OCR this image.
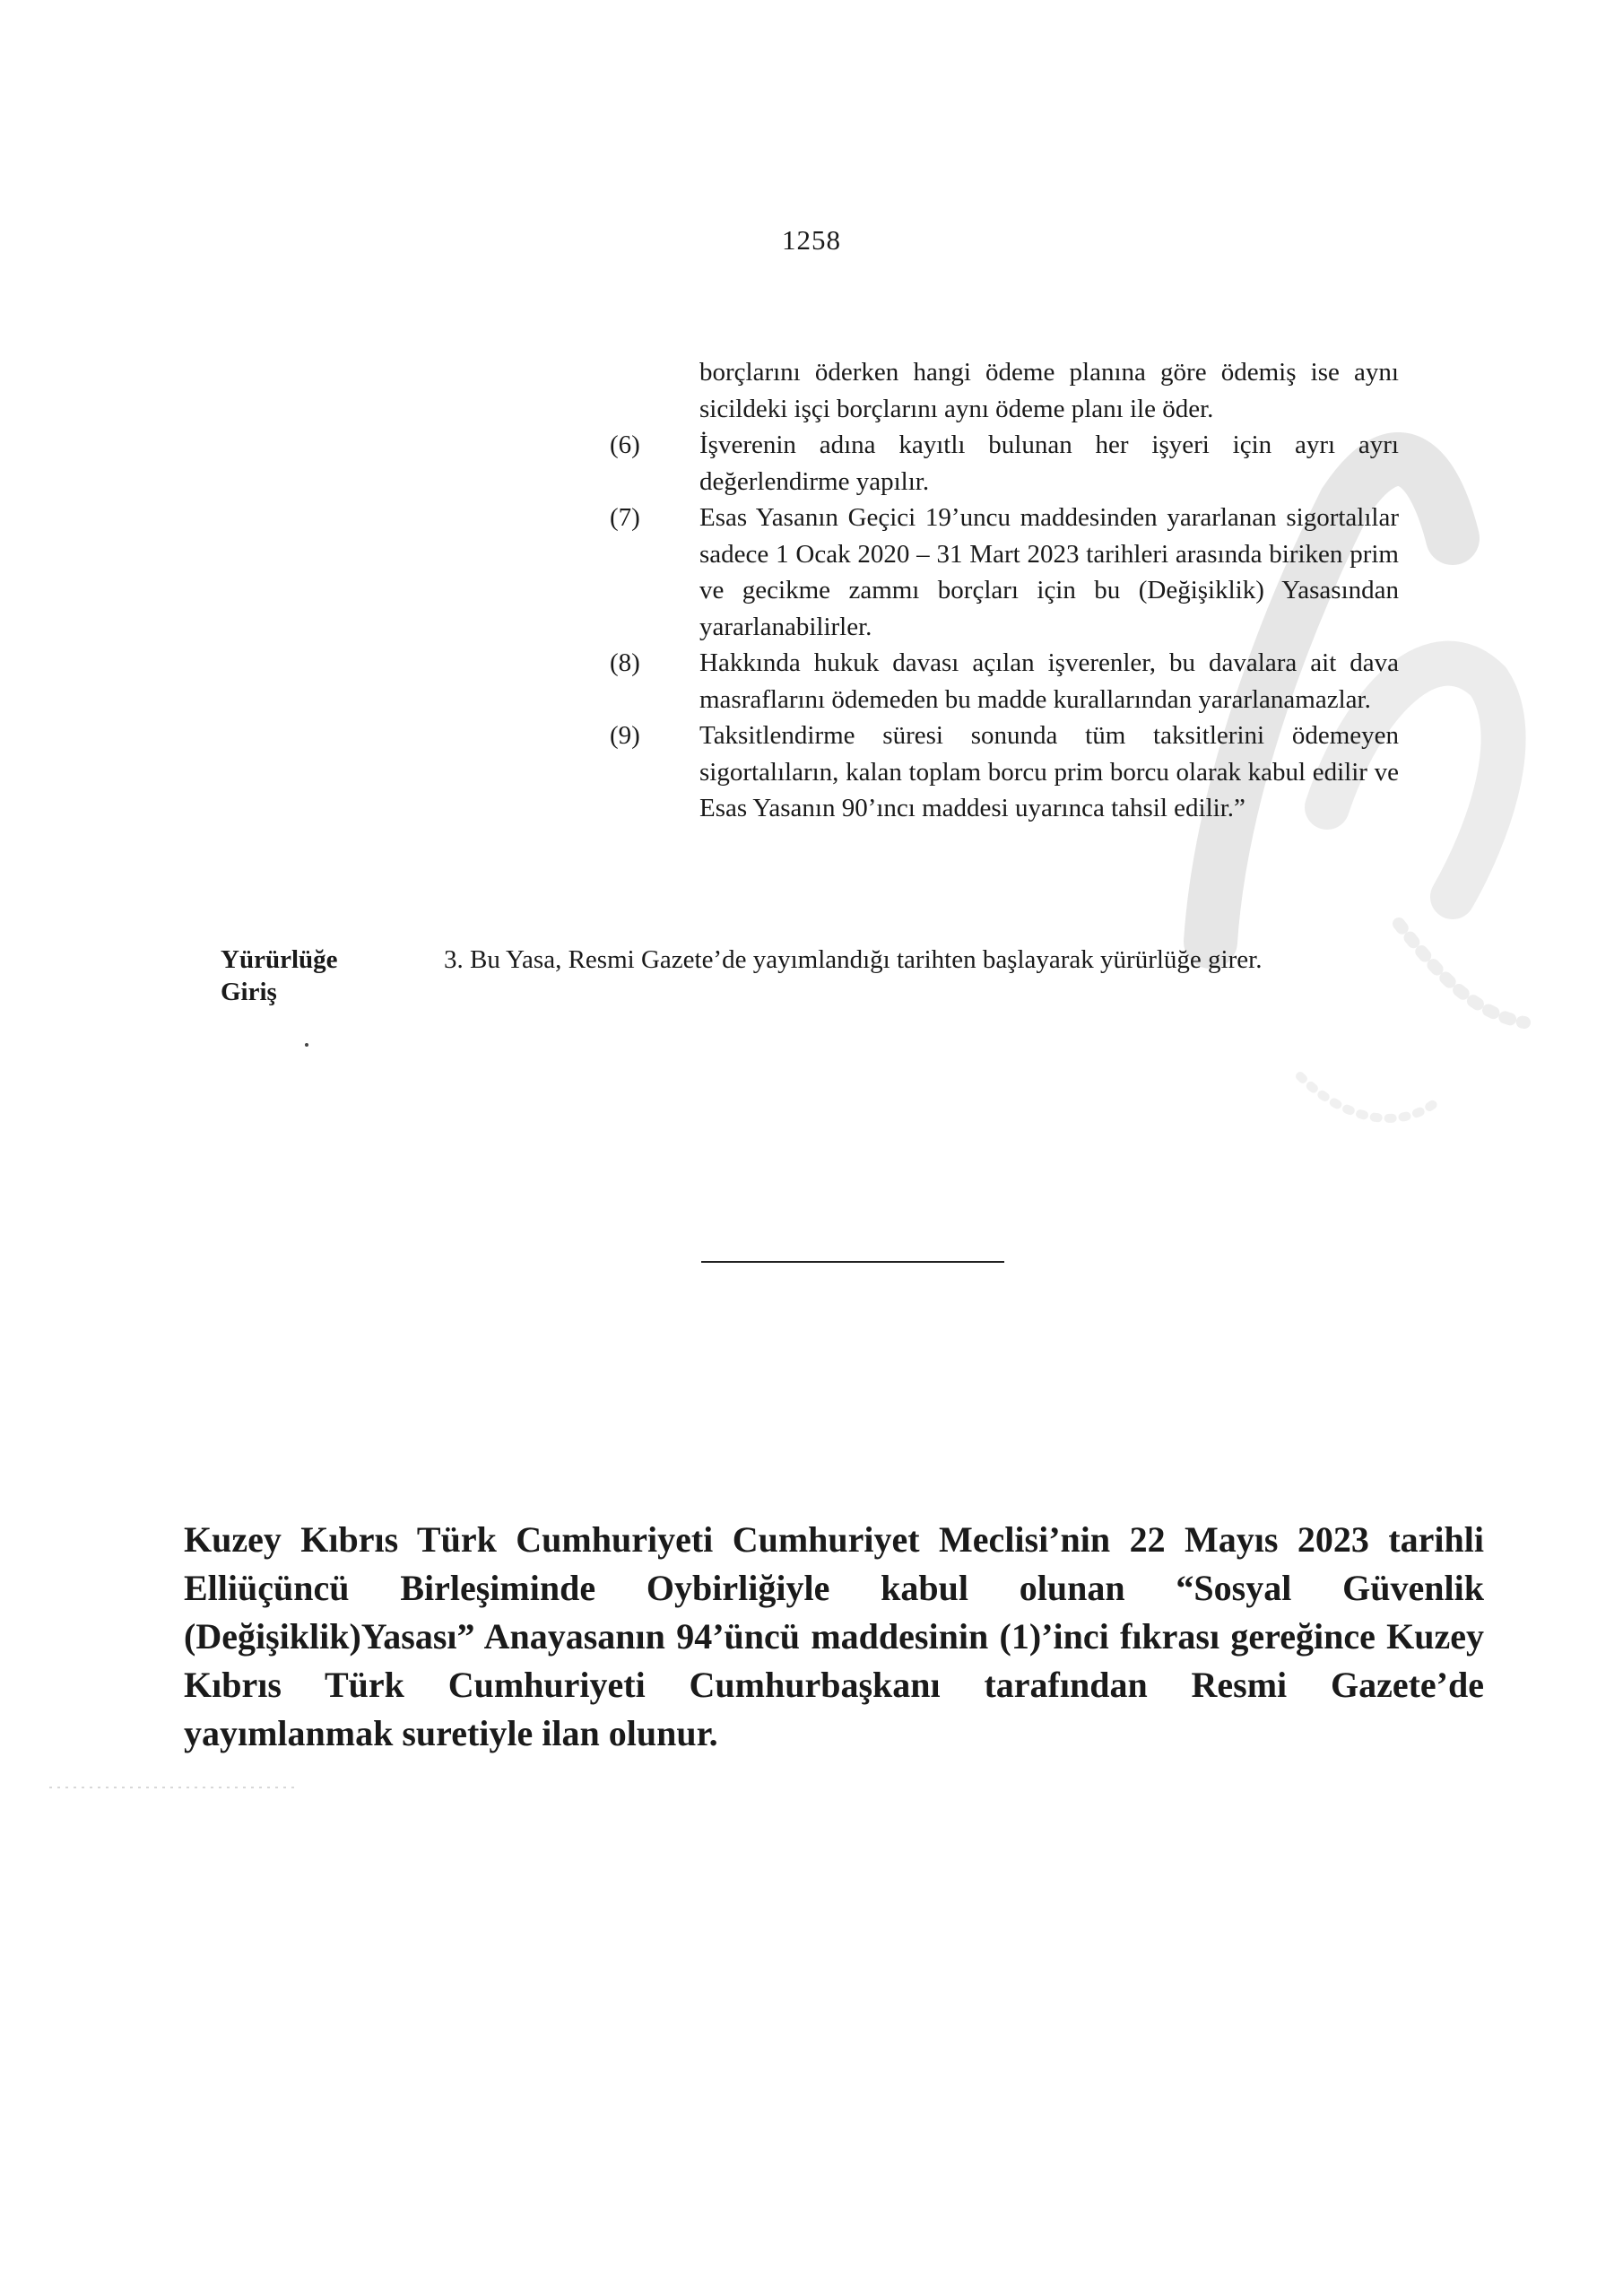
1258
borçlarını öderken hangi ödeme planına göre ödemiş ise aynı sicildeki işçi borçlarını aynı ödeme planı ile öder.
(6)	İşverenin adına kayıtlı bulunan her işyeri için ayrı ayrı değerlendirme yapılır.
(7)	Esas Yasanın Geçici 19’uncu maddesinden yararlanan sigortalılar sadece 1 Ocak 2020 – 31 Mart 2023 tarihleri arasında biriken prim ve gecikme zammı borçları için bu (Değişiklik) Yasasından yararlanabilirler.
(8)	Hakkında hukuk davası açılan işverenler, bu davalara ait dava masraflarını ödemeden bu madde kurallarından yararlanamazlar.
(9)	Taksitlendirme süresi sonunda tüm taksitlerini ödemeyen sigortalıların, kalan toplam borcu prim borcu olarak kabul edilir ve Esas Yasanın 90’ıncı maddesi uyarınca tahsil edilir.”
Yürürlüğe
Giriş
3. Bu Yasa, Resmi Gazete’de yayımlandığı tarihten başlayarak yürürlüğe girer.
Kuzey Kıbrıs Türk Cumhuriyeti Cumhuriyet Meclisi’nin 22 Mayıs 2023 tarihli Elliüçüncü Birleşiminde Oybirliğiyle kabul olunan “Sosyal Güvenlik (Değişiklik)Yasası” Anayasanın 94’üncü maddesinin (1)’inci fıkrası gereğince Kuzey Kıbrıs Türk Cumhuriyeti Cumhurbaşkanı tarafından Resmi Gazete’de yayımlanmak suretiyle ilan olunur.
